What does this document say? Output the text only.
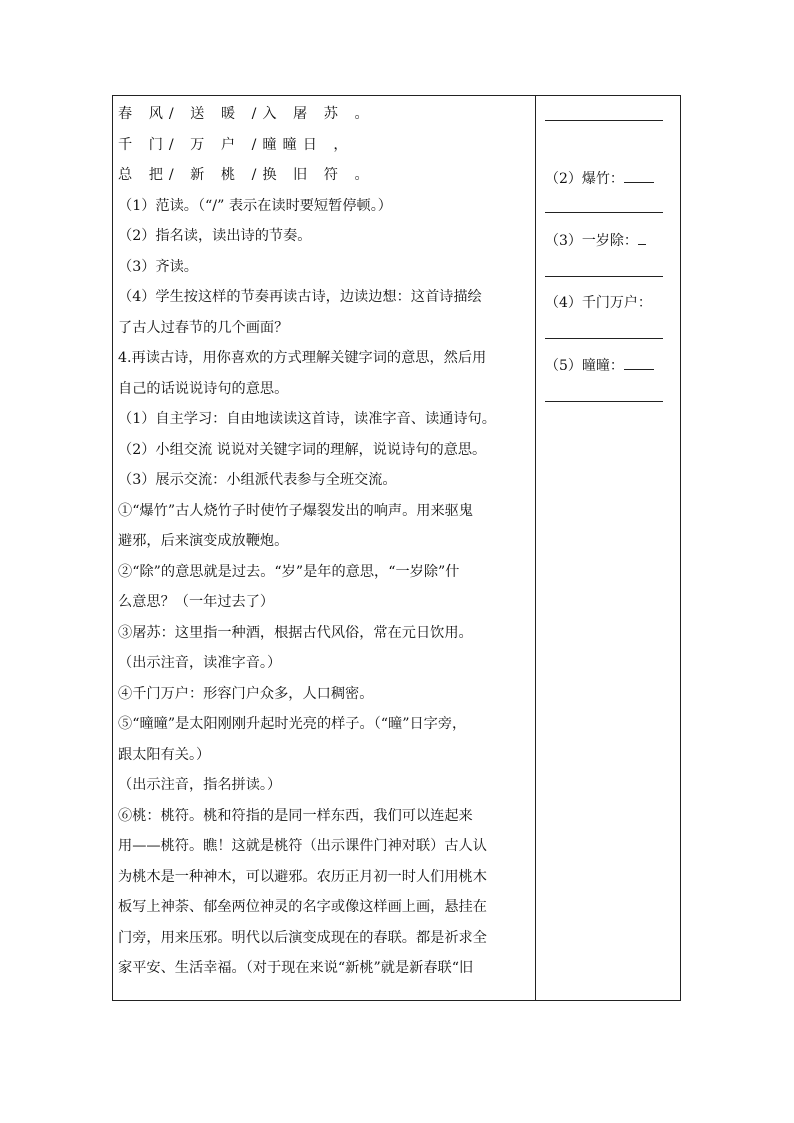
春 风/ 送 暖 /入 屠 苏 。
千 门/ 万 户 /曈曈日 ，
总 把/ 新 桃 /换 旧 符 。
（1）范读。（“/” 表示在读时要短暂停顿。）
（2）指名读，读出诗的节奏。
（3）齐读。
（4）学生按这样的节奏再读古诗，边读边想：这首诗描绘
了古人过春节的几个画面？
4.再读古诗，用你喜欢的方式理解关键字词的意思，然后用
自己的话说说诗句的意思。
（1）自主学习：自由地读读这首诗，读准字音、读通诗句。
（2）小组交流 说说对关键字词的理解，说说诗句的意思。
（3）展示交流：小组派代表参与全班交流。
①“爆竹”古人烧竹子时使竹子爆裂发出的响声。用来驱鬼
避邪，后来演变成放鞭炮。
②“除”的意思就是过去。“岁”是年的意思，“一岁除”什
么意思？（一年过去了）
③屠苏：这里指一种酒，根据古代风俗，常在元日饮用。
（出示注音，读准字音。）
④千门万户：形容门户众多，人口稠密。
⑤“曈曈”是太阳刚刚升起时光亮的样子。（“曈”日字旁，
跟太阳有关。）
（出示注音，指名拼读。）
⑥桃：桃符。桃和符指的是同一样东西，我们可以连起来
用——桃符。瞧！这就是桃符（出示课件门神对联）古人认
为桃木是一种神木，可以避邪。农历正月初一时人们用桃木
板写上神荼、郁垒两位神灵的名字或像这样画上画，悬挂在
门旁，用来压邪。明代以后演变成现在的春联。都是祈求全
家平安、生活幸福。（对于现在来说“新桃”就是新春联“旧
（2）爆竹：
（3）一岁除：
（4）千门万户：
（5）曈曈：
